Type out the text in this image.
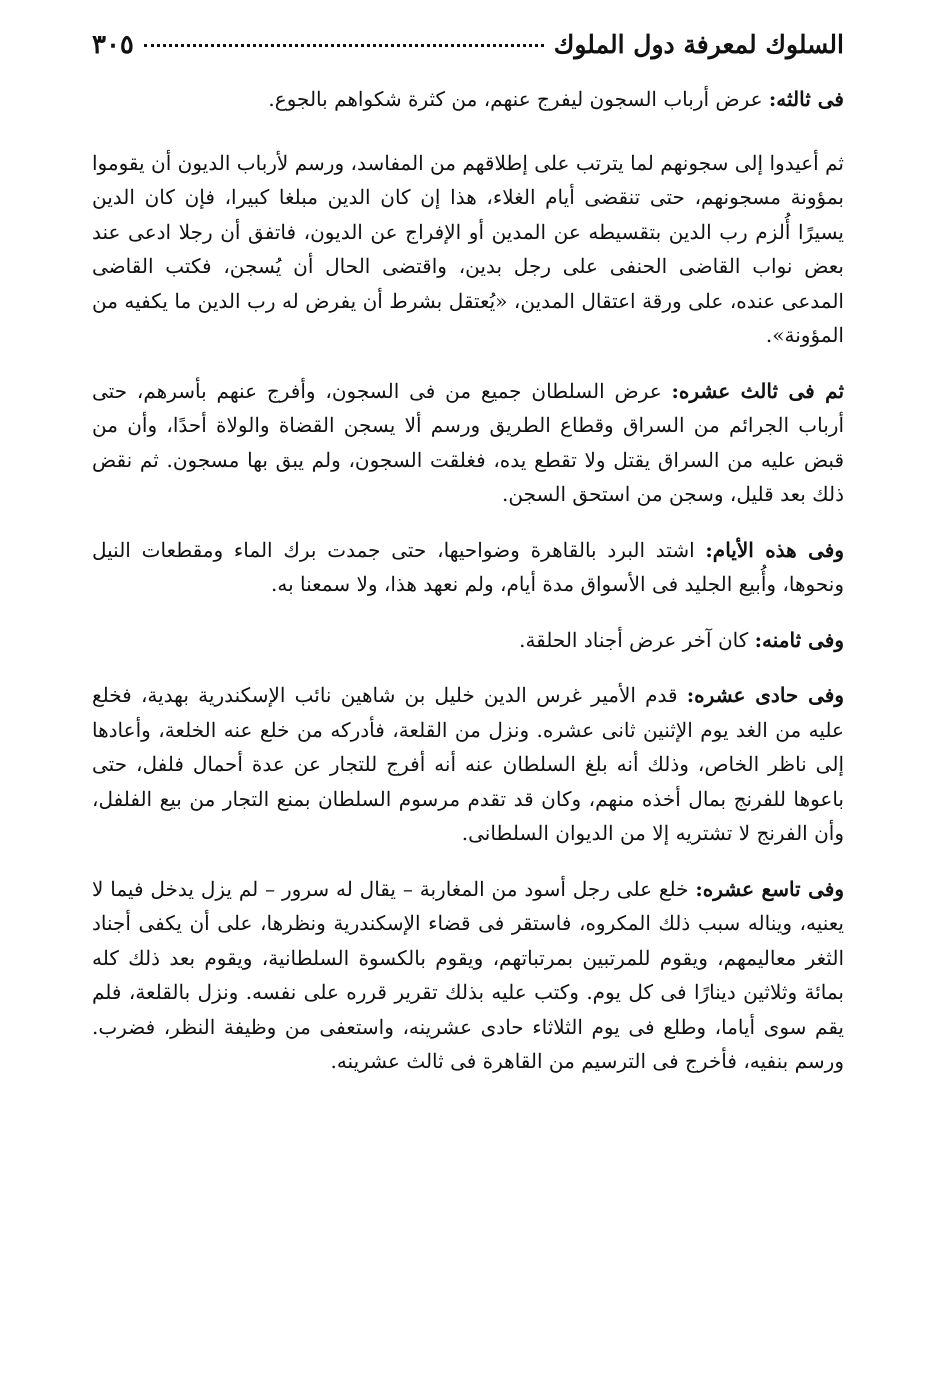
السلوك لمعرفة دول الملوك
٣٠٥

فى ثالثه: عرض أرباب السجون ليفرج عنهم، من كثرة شكواهم بالجوع.

ثم أعيدوا إلى سجونهم لما يترتب على إطلاقهم من المفاسد، ورسم لأرباب الديون أن يقوموا بمؤونة مسجونهم، حتى تنقضى أيام الغلاء، هذا إن كان الدين مبلغا كبيرا، فإن كان الدين يسيرًا أُلزم رب الدين بتقسيطه عن المدين أو الإفراج عن الديون، فاتفق أن رجلا ادعى عند بعض نواب القاضى الحنفى على رجل بدين، واقتضى الحال أن يُسجن، فكتب القاضى المدعى عنده، على ورقة اعتقال المدين، «يُعتقل بشرط أن يفرض له رب الدين ما يكفيه من المؤونة».

ثم فى ثالث عشره: عرض السلطان جميع من فى السجون، وأفرج عنهم بأسرهم، حتى أرباب الجرائم من السراق وقطاع الطريق ورسم ألا يسجن القضاة والولاة أحدًا، وأن من قبض عليه من السراق يقتل ولا تقطع يده، فغلقت السجون، ولم يبق بها مسجون. ثم نقض ذلك بعد قليل، وسجن من استحق السجن.

وفى هذه الأيام: اشتد البرد بالقاهرة وضواحيها، حتى جمدت برك الماء ومقطعات النيل ونحوها، وأُبيع الجليد فى الأسواق مدة أيام، ولم نعهد هذا، ولا سمعنا به.

وفى ثامنه: كان آخر عرض أجناد الحلقة.

وفى حادى عشره: قدم الأمير غرس الدين خليل بن شاهين نائب الإسكندرية بهدية، فخلع عليه من الغد يوم الإثنين ثانى عشره. ونزل من القلعة، فأدركه من خلع عنه الخلعة، وأعادها إلى ناظر الخاص، وذلك أنه بلغ السلطان عنه أنه أفرج للتجار عن عدة أحمال فلفل، حتى باعوها للفرنج بمال أخذه منهم، وكان قد تقدم مرسوم السلطان بمنع التجار من بيع الفلفل، وأن الفرنج لا تشتريه إلا من الديوان السلطانى.

وفى تاسع عشره: خلع على رجل أسود من المغاربة – يقال له سرور – لم يزل يدخل فيما لا يعنيه، ويناله سبب ذلك المكروه، فاستقر فى قضاء الإسكندرية ونظرها، على أن يكفى أجناد الثغر معاليمهم، ويقوم للمرتبين بمرتباتهم، ويقوم بالكسوة السلطانية، ويقوم بعد ذلك كله بمائة وثلاثين دينارًا فى كل يوم. وكتب عليه بذلك تقرير قرره على نفسه. ونزل بالقلعة، فلم يقم سوى أياما، وطلع فى يوم الثلاثاء حادى عشرينه، واستعفى من وظيفة النظر، فضرب. ورسم بنفيه، فأخرج فى الترسيم من القاهرة فى ثالث عشرينه.
